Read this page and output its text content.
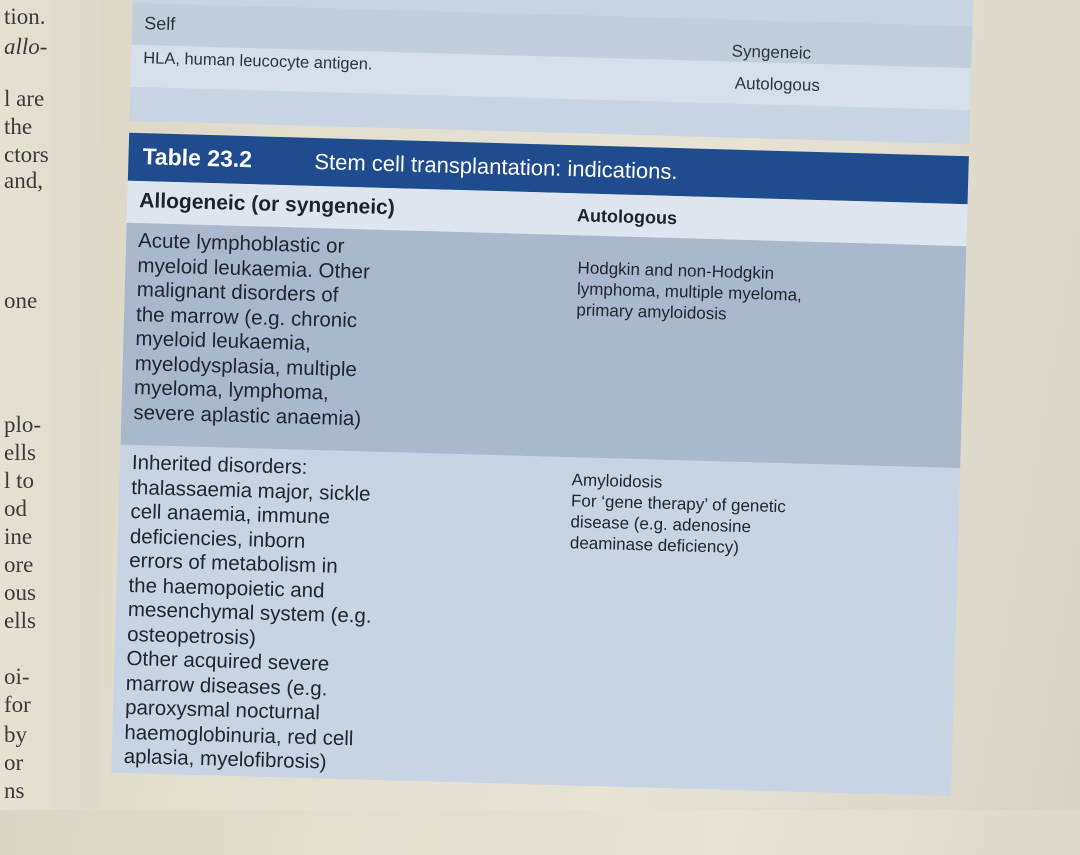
tion.
allo-
l are
the
ctors
and,
one
plo-
ells
l to
od
ine
ore
ous
ells
oi-
for
by
or
ns
Self
Syngeneic
HLA, human leucocyte antigen.
Autologous
Table 23.2	Stem cell transplantation: indications.
Allogeneic (or syngeneic)	Autologous
Acute lymphoblastic or
myeloid leukaemia. Other
malignant disorders of
the marrow (e.g. chronic
myeloid leukaemia,
myelodysplasia, multiple
myeloma, lymphoma,
severe aplastic anaemia)
Hodgkin and non-Hodgkin
lymphoma, multiple myeloma,
primary amyloidosis
Inherited disorders:
thalassaemia major, sickle
cell anaemia, immune
deficiencies, inborn
errors of metabolism in
the haemopoietic and
mesenchymal system (e.g.
osteopetrosis)
Other acquired severe
marrow diseases (e.g.
paroxysmal nocturnal
haemoglobinuria, red cell
aplasia, myelofibrosis)
Amyloidosis
For ‘gene therapy’ of genetic
disease (e.g. adenosine
deaminase deficiency)
